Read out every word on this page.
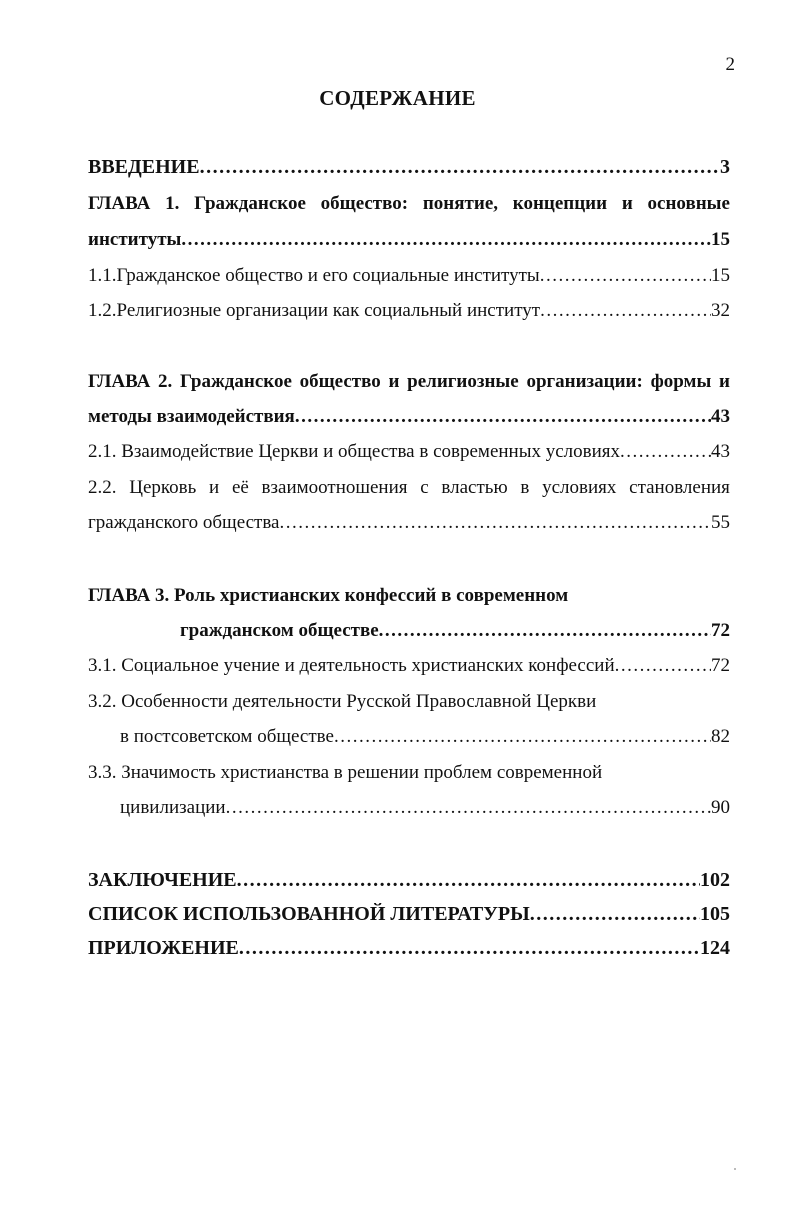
2
СОДЕРЖАНИЕ
ВВЕДЕНИЕ .....	3
ГЛАВА 1. Гражданское общество: понятие, концепции и основные
институты .....	15
1.1.Гражданское общество и его социальные институты .....	15
1.2.Религиозные организации как социальный институт .....	32
ГЛАВА 2. Гражданское общество и религиозные организации: формы и
методы взаимодействия .....	43
2.1. Взаимодействие Церкви и общества в современных условиях .....	43
2.2. Церковь и её взаимоотношения с властью в условиях становления
гражданского общества .....	55
ГЛАВА 3. Роль христианских конфессий в современном
гражданском обществе .....	72
3.1. Социальное учение и деятельность христианских конфессий .....	72
3.2. Особенности деятельности Русской Православной Церкви
в постсоветском обществе .....	82
3.3. Значимость христианства в решении проблем современной
цивилизации .....	90
ЗАКЛЮЧЕНИЕ .....	102
СПИСОК ИСПОЛЬЗОВАННОЙ ЛИТЕРАТУРЫ .....	105
ПРИЛОЖЕНИЕ .....	124
